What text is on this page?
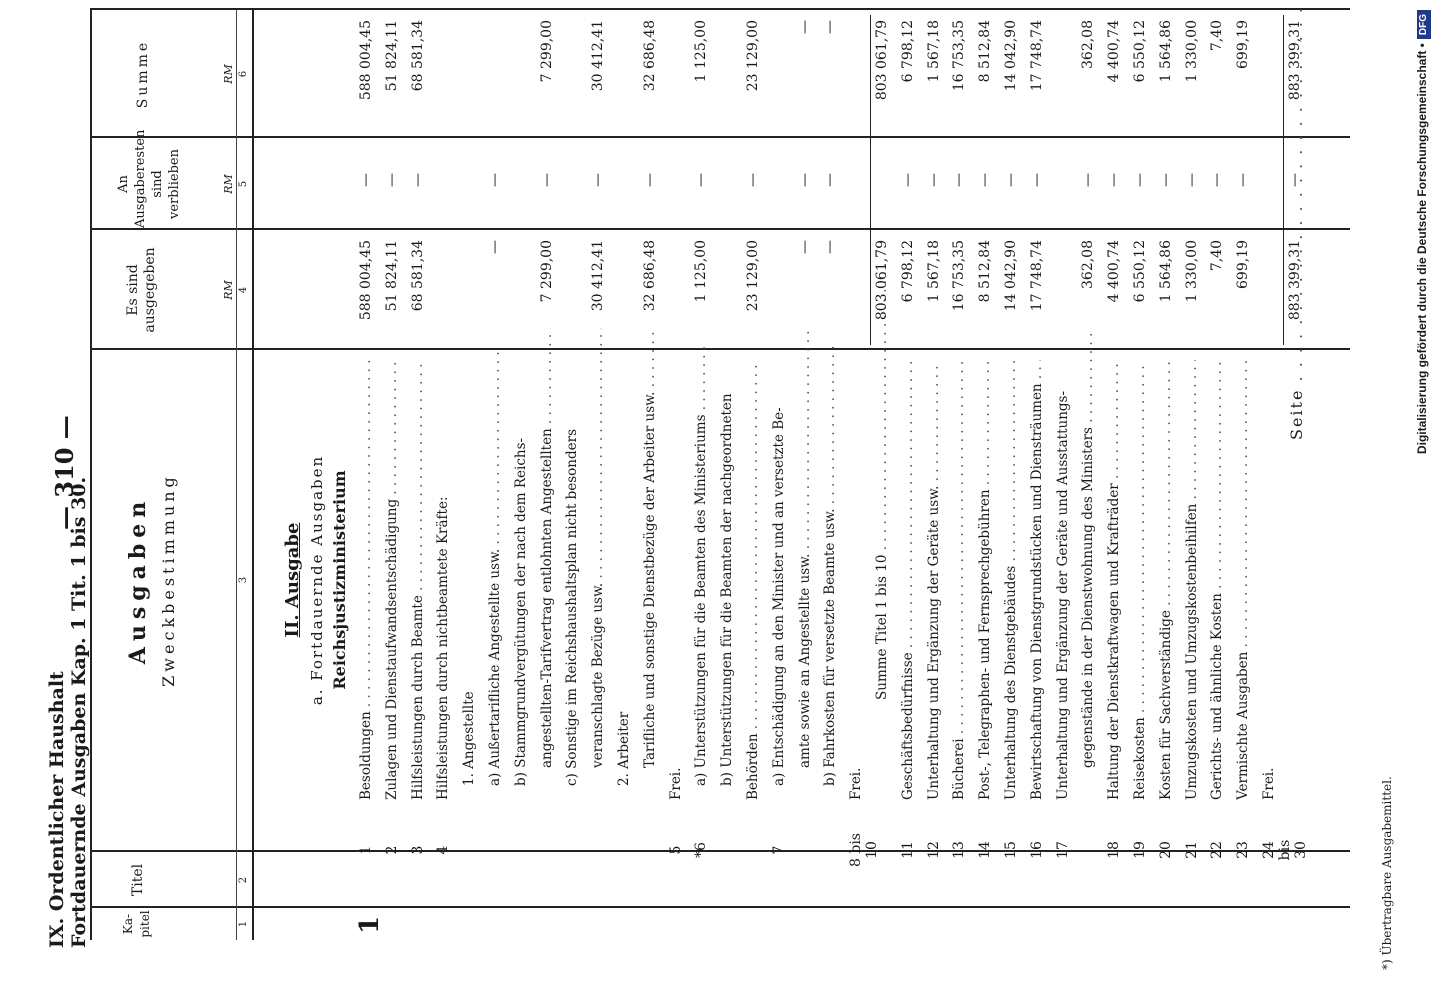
IX. Ordentlicher Haushalt Fortdauernde Ausgaben Kap. 1 Tit. 1 bis 30.
— 310 —
Ka- pitel
Titel
Ausgaben Zweckbestimmung
Es sind ausgegeben
An Ausgaberesten sind verblieben
Summe
RM
RM
RM
1
2
3
4
5
6
II. Ausgabe a. Fortdauernde Ausgaben Reichsjustizministerium
1
1
Besoldungen . . .
588 004,45
—
588 004,45
2
Zulagen und Dienstaufwandsentschädigung . . .
51 824,11
—
51 824,11
3
Hilfsleistungen durch Beamte . . .
68 581,34
—
68 581,34
4
Hilfsleistungen durch nichtbeamtete Kräfte: 1. Angestellte a) Außertarifliche Angestellte usw. . . .
—
—
b) Stammgrundvergütungen der nach dem Reichs- angestellten-Tarifvertrag entlohnten Angestellten . . .
7 299,00
—
7 299,00
c) Sonstige im Reichshaushaltsplan nicht besonders veranschlagte Bezüge usw. . . .
30 412,41
—
30 412,41
2. Arbeiter Tarifliche und sonstige Dienstbezüge der Arbeiter usw. . . .
32 686,48
—
32 686,48
5
Frei.
*6
a) Unterstützungen für die Beamten des Ministeriums . . .
1 125,00
—
1 125,00
b) Unterstützungen für die Beamten der nachgeordneten Behörden . . .
23 129,00
—
23 129,00
7
a) Entschädigung an den Minister und an versetzte Be- amte sowie an Angestellte usw. . . .
—
—
—
b) Fahrkosten für versetzte Beamte usw. . . .
—
—
—
8 bis 10
Frei.
Summe Titel 1 bis 10 . . .
803 061,79
803 061,79
11
Geschäftsbedürfnisse . . .
6 798,12
—
6 798,12
12
Unterhaltung und Ergänzung der Geräte usw. . . .
1 567,18
—
1 567,18
13
Bücherei . . .
16 753,35
—
16 753,35
14
Post-, Telegraphen- und Fernsprechgebühren . . .
8 512,84
—
8 512,84
15
Unterhaltung des Dienstgebäudes . . .
14 042,90
—
14 042,90
16
Bewirtschaftung von Dienstgrundstücken und Diensträumen . . .
17 748,74
—
17 748,74
17
Unterhaltung und Ergänzung der Geräte und Ausstattungs- gegenstände in der Dienstwohnung des Ministers . . .
362,08
—
362,08
18
Haltung der Dienstkraftwagen und Krafträder . . .
4 400,74
—
4 400,74
19
Reisekosten . . .
6 550,12
—
6 550,12
20
Kosten für Sachverständige . . .
1 564,86
—
1 564,86
21
Umzugskosten und Umzugskostenbeihilfen . . .
1 330,00
—
1 330,00
22
Gerichts- und ähnliche Kosten . . .
7,40
—
7,40
23
Vermischte Ausgaben . . .
699,19
—
699,19
24 bis 30
Frei.
Seite . . .
883 399,31
—
883 399,31
*) Übertragbare Ausgabemittel.
Digitalisierung gefördert durch die Deutsche Forschungsgemeinschaft •DFG
